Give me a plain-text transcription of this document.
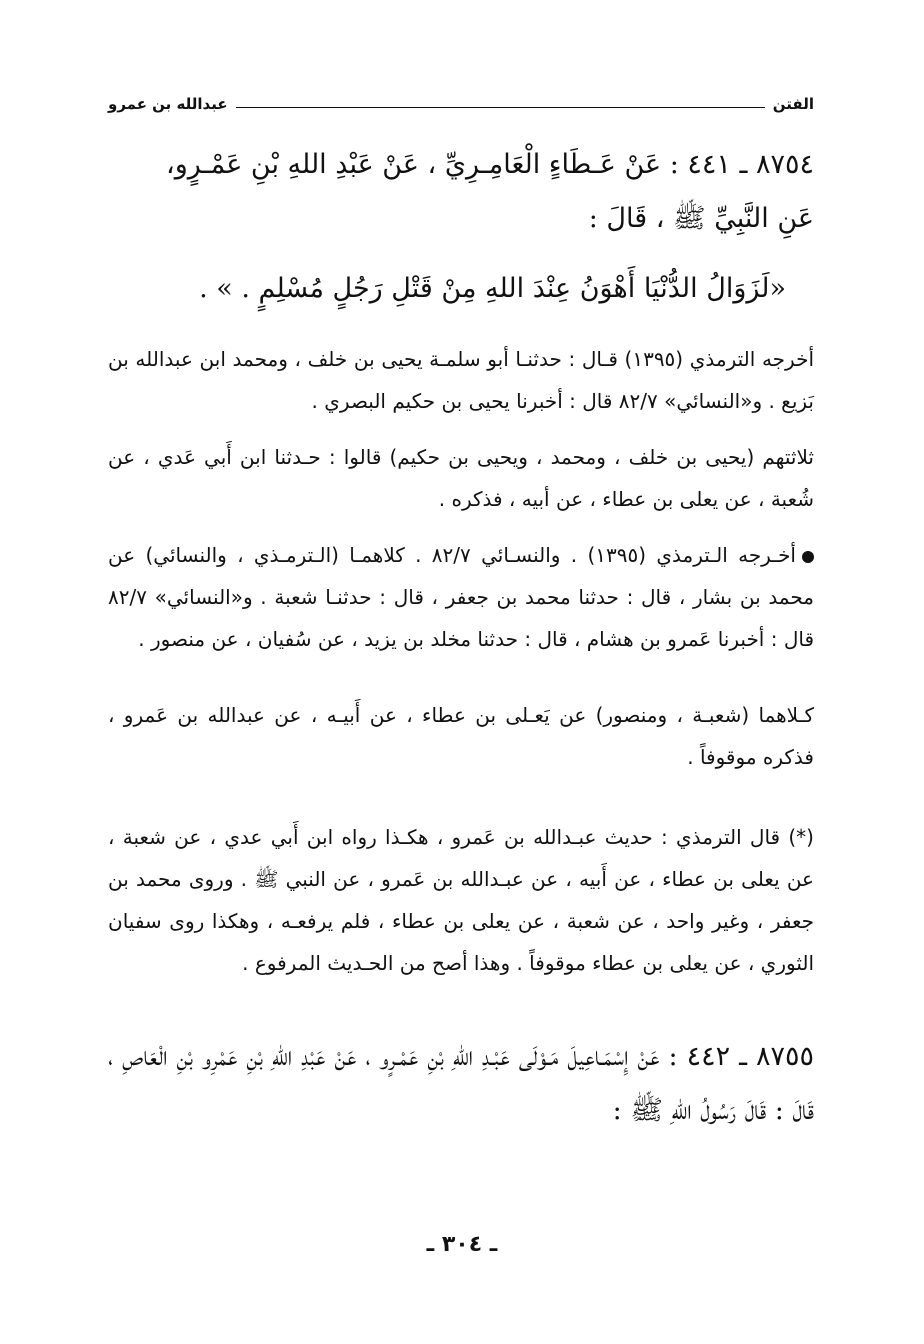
الفتن
عبدالله بن عمرو

٨٧٥٤ ـ ٤٤١ : عَنْ عَـطَاءٍ الْعَامِـرِيِّ ، عَنْ عَبْدِ اللهِ بْنِ عَمْـرٍو،
عَنِ النَّبِيِّ ﷺ ، قَالَ :

«لَزَوَالُ الدُّنْيَا أَهْوَنُ عِنْدَ اللهِ مِنْ قَتْلِ رَجُلٍ مُسْلِمٍ . » .

أخرجه الترمذي (١٣٩٥) قـال : حدثنـا أبو سلمـة يحيى بن خلف ، ومحمد ابن عبدالله بن بَزيع . و«النسائي» ٨٢/٧ قال : أخبرنا يحيى بن حكيم البصري .

ثلاثتهم (يحيى بن خلف ، ومحمد ، ويحيى بن حكيم) قالوا : حـدثنا ابن أَبي عَدي ، عن شُعبة ، عن يعلى بن عطاء ، عن أبيه ، فذكره .

أخـرجه الـترمذي (١٣٩٥) . والنسـائي ٨٢/٧ . كلاهمـا (الـترمـذي ، والنسائي) عن محمد بن بشار ، قال : حدثنا محمد بن جعفر ، قال : حدثنـا شعبة . و«النسائي» ٨٢/٧ قال : أخبرنا عَمرو بن هشام ، قال : حدثنا مخلد بن يزيد ، عن سُفيان ، عن منصور .

كـلاهما (شعبـة ، ومنصور) عن يَعـلى بن عطاء ، عن أَبيـه ، عن عبدالله بن عَمرو ، فذكره موقوفاً .

(*) قال الترمذي : حديث عبـدالله بن عَمرو ، هكـذا رواه ابن أَبي عدي ، عن شعبة ، عن يعلى بن عطاء ، عن أَبيه ، عن عبـدالله بن عَمرو ، عن النبي ﷺ . وروى محمد بن جعفر ، وغير واحد ، عن شعبة ، عن يعلى بن عطاء ، فلم يرفعـه ، وهكذا روى سفيان الثوري ، عن يعلى بن عطاء موقوفاً . وهذا أصح من الحـديث المرفوع .

٨٧٥٥ ـ ٤٤٢ : عَنْ إِسْمَـاعِيلَ مَـوْلَى عَبْـدِ اللهِ بْنِ عَمْـرٍو ، عَنْ عَبْدِ اللهِ بْنِ عَمْرِو بْنِ الْعَاصِ ، قَالَ : قَالَ رَسُولُ اللهِ ﷺ :

ـ ٣٠٤ ـ
